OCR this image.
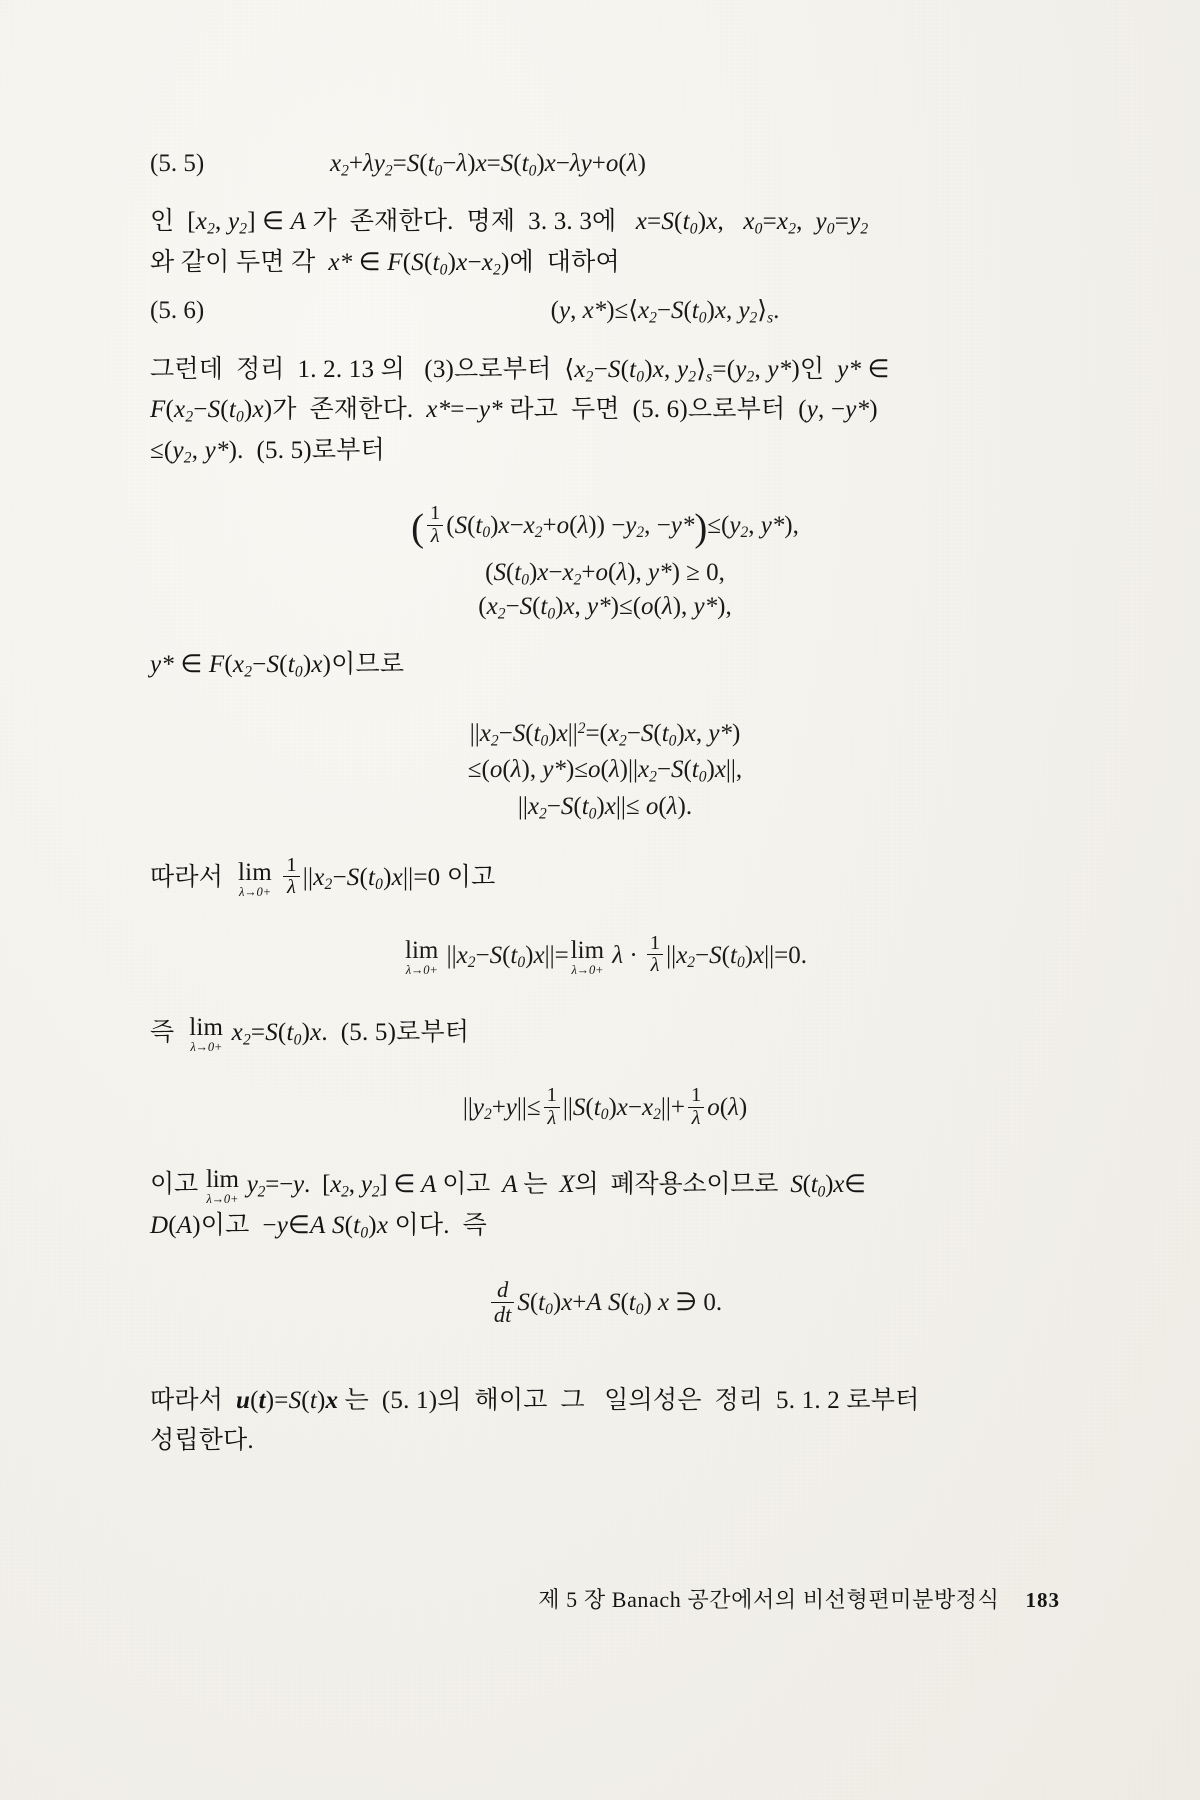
(5. 5)	$x_2+\lambda y_2=S(t_0-\lambda)x=S(t_0)x-\lambda y+o(\lambda)$
인  [$x_2$, $y_2$] ∈ A 가  존재한다.  명제  3. 3. 3에   $x=S(t_0)x$,   $x_0=x_2$,  $y_0=y_2$
와 같이 두면 각  x* ∈ $F(S(t_0)x-x_2)$에  대하여
(5. 6)	(y, $x*)\le⟨x_2-S(t_0)x$, $y_2⟩_s$.
그런데  정리  1. 2. 13 의   (3)으로부터  $⟨x_2-S(t_0)x$, $y_2⟩_s=(y_2$, y*)인  y* ∈
$F(x_2-S(t_0)x)$가  존재한다.  x*=−y* 라고  두면  (5. 6)으로부터  (y, −y*)
$\le(y_2$, y*).  (5. 5)로부터
( $\frac{1}{\lambda} (S(t_0)x-x_2+o(\lambda)) -y_2$, $-y*)\le(y_2$, y*),
($S(t_0)x-x_2+o(\lambda)$, y*) ≥ 0,
($x_2-S(t_0)x$, y*)≤(o(λ), y*),
y* ∈ $F(x_2-S(t_0)x)$이므로
$||x_2-S(t_0)x||^2=(x_2-S(t_0)x$, y*)
≤(o(λ), $y*)\le o(\lambda)||x_2-S(t_0)x||$,
$||x_2-S(t_0)x||\le o(\lambda)$.
따라서  lim
λ→0+
$\frac{1}{\lambda} ||x_2-S(t_0)x||=0$ 이고
lim
λ→0+
$||x_2-S(t_0)x||=\lim$
λ→0+
$\lambda \cdot \frac{1}{\lambda} ||x_2-S(t_0)x||=0$.
즉  lim
λ→0+
$x_2=S(t_0)x$.  (5. 5)로부터
$||y_2+y||\le \frac{1}{\lambda} ||S(t_0)x-x_2||+ \frac{1}{\lambda} o(\lambda)$
이고 lim
λ→0+
$y_2=-y$.  [$x_2$, $y_2$] ∈ A 이고  A 는  X의  폐작용소이므로  $S(t_0)x\in$
D(A)이고  −y∈A $S(t_0)x$ 이다.  즉
$\frac{d}{dt} S(t_0)x+A$ $S(t_0)$ x ∋ 0.
따라서  u(t)=S(t)x 는  (5. 1)의  해이고  그   일의성은  정리  5. 1. 2 로부터
성립한다.
제 5 장 Banach 공간에서의 비선형편미분방정식 183
